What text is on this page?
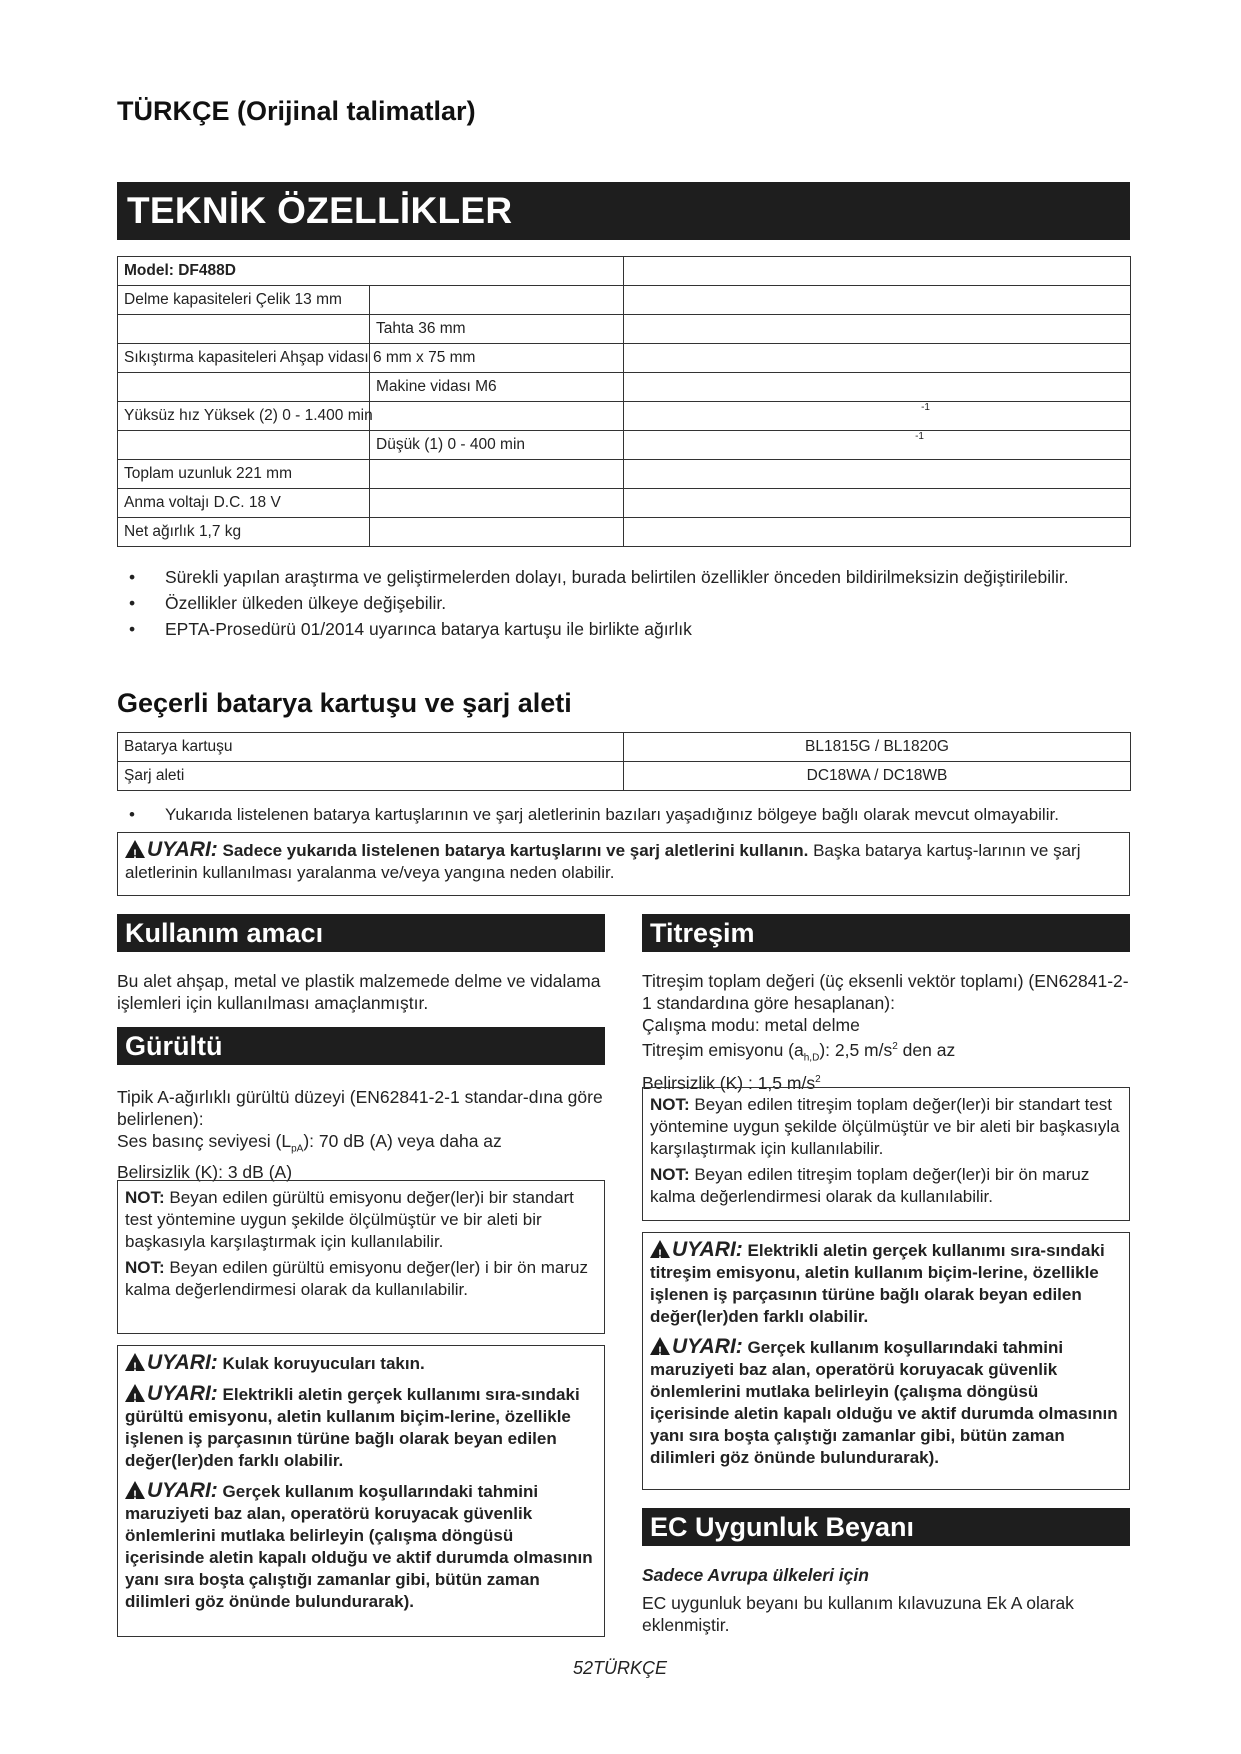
TÜRKÇE (Orijinal talimatlar)
TEKNİK ÖZELLİKLER
Model: DF488D		
Delme kapasiteleri Çelik 13 mm		
	Tahta 36 mm	
Sıkıştırma kapasiteleri Ahşap vidası 6 mm x 75 mm		
	Makine vidası M6	
Yüksüz hız Yüksek (2) 0 - 1.400 min		-1
	Düşük (1) 0 - 400 min	-1
Toplam uzunluk 221 mm		
Anma voltajı D.C. 18 V		
Net ağırlık 1,7 kg		
• Sürekli yapılan araştırma ve geliştirmelerden dolayı, burada belirtilen özellikler önceden bildirilmeksizin değiştirilebilir.
• Özellikler ülkeden ülkeye değişebilir.
• EPTA-Prosedürü 01/2014 uyarınca batarya kartuşu ile birlikte ağırlık
Geçerli batarya kartuşu ve şarj aleti
Batarya kartuşu	BL1815G / BL1820G
Şarj aleti	DC18WA / DC18WB
• Yukarıda listelenen batarya kartuşlarının ve şarj aletlerinin bazıları yaşadığınız bölgeye bağlı olarak mevcut olmayabilir.
!UYARI: Sadece yukarıda listelenen batarya kartuşlarını ve şarj aletlerini kullanın. Başka batarya kartuş-larının ve şarj aletlerinin kullanılması yaralanma ve/veya yangına neden olabilir.
Kullanım amacı
Bu alet ahşap, metal ve plastik malzemede delme ve vidalama işlemleri için kullanılması amaçlanmıştır.
Gürültü
Tipik A-ağırlıklı gürültü düzeyi (EN62841-2-1 standar-dına göre belirlenen):
Ses basınç seviyesi $(L_{pA})$: 70 dB (A) veya daha az
Belirsizlik (K): 3 dB (A)
NOT: Beyan edilen gürültü emisyonu değer(ler)i bir standart test yöntemine uygun şekilde ölçülmüştür ve bir aleti bir başkasıyla karşılaştırmak için kullanılabilir.
NOT: Beyan edilen gürültü emisyonu değer(ler) i bir ön maruz kalma değerlendirmesi olarak da kullanılabilir.
!UYARI: Kulak koruyucuları takın.
!UYARI: Elektrikli aletin gerçek kullanımı sıra-sındaki gürültü emisyonu, aletin kullanım biçim-lerine, özellikle işlenen iş parçasının türüne bağlı olarak beyan edilen değer(ler)den farklı olabilir.
!UYARI: Gerçek kullanım koşullarındaki tahmini maruziyeti baz alan, operatörü koruyacak güvenlik önlemlerini mutlaka belirleyin (çalışma döngüsü içerisinde aletin kapalı olduğu ve aktif durumda olmasının yanı sıra boşta çalıştığı zamanlar gibi, bütün zaman dilimleri göz önünde bulundurarak).
Titreşim
Titreşim toplam değeri (üç eksenli vektör toplamı) (EN62841-2-1 standardına göre hesaplanan):
Çalışma modu: metal delme
Titreşim emisyonu $(a_{h,D})$: 2,5 $m/s^2$ den az
Belirsizlik (K) : 1,5 $m/s^2$
NOT: Beyan edilen titreşim toplam değer(ler)i bir standart test yöntemine uygun şekilde ölçülmüştür ve bir aleti bir başkasıyla karşılaştırmak için kullanılabilir.
NOT: Beyan edilen titreşim toplam değer(ler)i bir ön maruz kalma değerlendirmesi olarak da kullanılabilir.
!UYARI: Elektrikli aletin gerçek kullanımı sıra-sındaki titreşim emisyonu, aletin kullanım biçim-lerine, özellikle işlenen iş parçasının türüne bağlı olarak beyan edilen değer(ler)den farklı olabilir.
!UYARI: Gerçek kullanım koşullarındaki tahmini maruziyeti baz alan, operatörü koruyacak güvenlik önlemlerini mutlaka belirleyin (çalışma döngüsü içerisinde aletin kapalı olduğu ve aktif durumda olmasının yanı sıra boşta çalıştığı zamanlar gibi, bütün zaman dilimleri göz önünde bulundurarak).
EC Uygunluk Beyanı
Sadece Avrupa ülkeleri için
EC uygunluk beyanı bu kullanım kılavuzuna Ek A olarak eklenmiştir.
52TÜRKÇE
